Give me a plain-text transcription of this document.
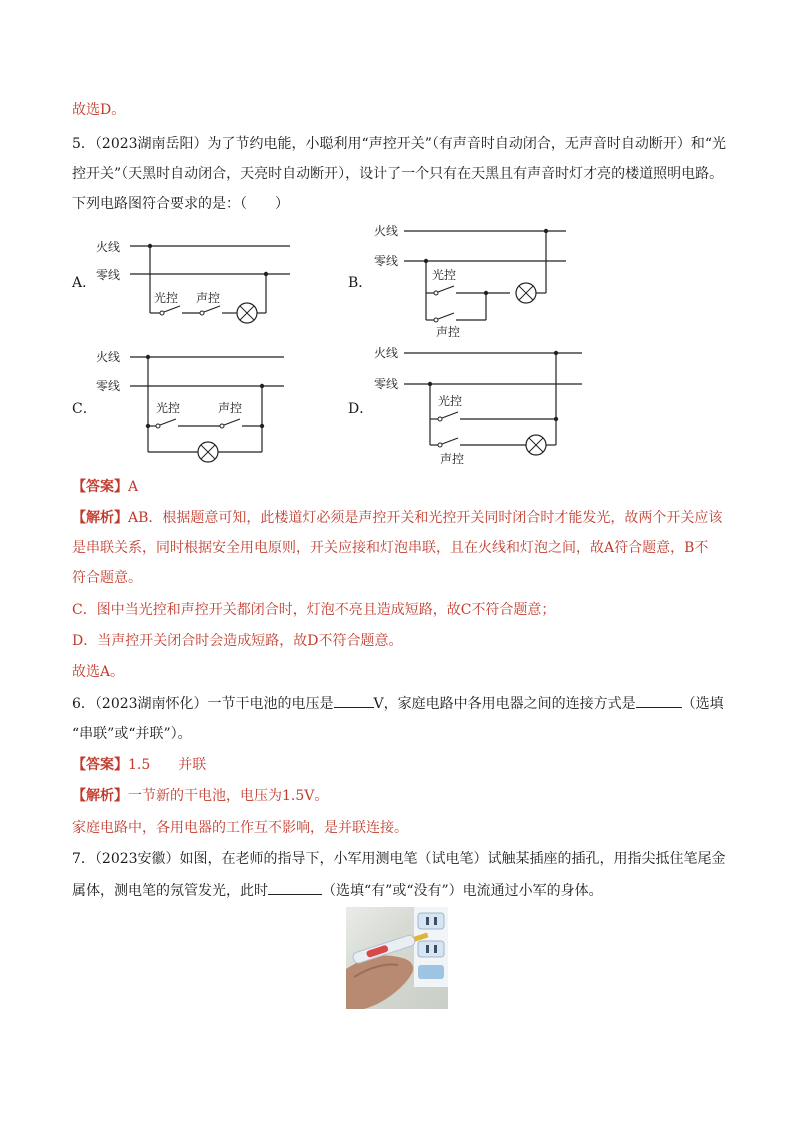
故选D。
5．（2023湖南岳阳）为了节约电能，小聪利用“声控开关”（有声音时自动闭合，无声音时自动断开）和“光
控开关”（天黑时自动闭合，天亮时自动断开），设计了一个只有在天黑且有声音时灯才亮的楼道照明电路。
下列电路图符合要求的是：（　　）
A．
火线
零线
光控 声控
B．
火线
零线
光控
声控
C．
火线
零线
光控	声控	D．
火线
零线
光控
声控
【答案】A
【解析】AB．根据题意可知，此楼道灯必须是声控开关和光控开关同时闭合时才能发光，故两个开关应该
是串联关系，同时根据安全用电原则，开关应接和灯泡串联，且在火线和灯泡之间，故A符合题意，B不
符合题意。
C．图中当光控和声控开关都闭合时，灯泡不亮且造成短路，故C不符合题意；
D．当声控开关闭合时会造成短路，故D不符合题意。
故选A。
6．（2023湖南怀化）一节干电池的电压是	V，家庭电路中各用电器之间的连接方式是	（选填
“串联”或“并联”）。
【答案】1.5　　并联
【解析】一节新的干电池，电压为1.5V。
家庭电路中，各用电器的工作互不影响，是并联连接。
7．（2023安徽）如图，在老师的指导下，小军用测电笔（试电笔）试触某插座的插孔，用指尖抵住笔尾金
属体，测电笔的氖管发光，此时	（选填“有”或“没有”）电流通过小军的身体。
